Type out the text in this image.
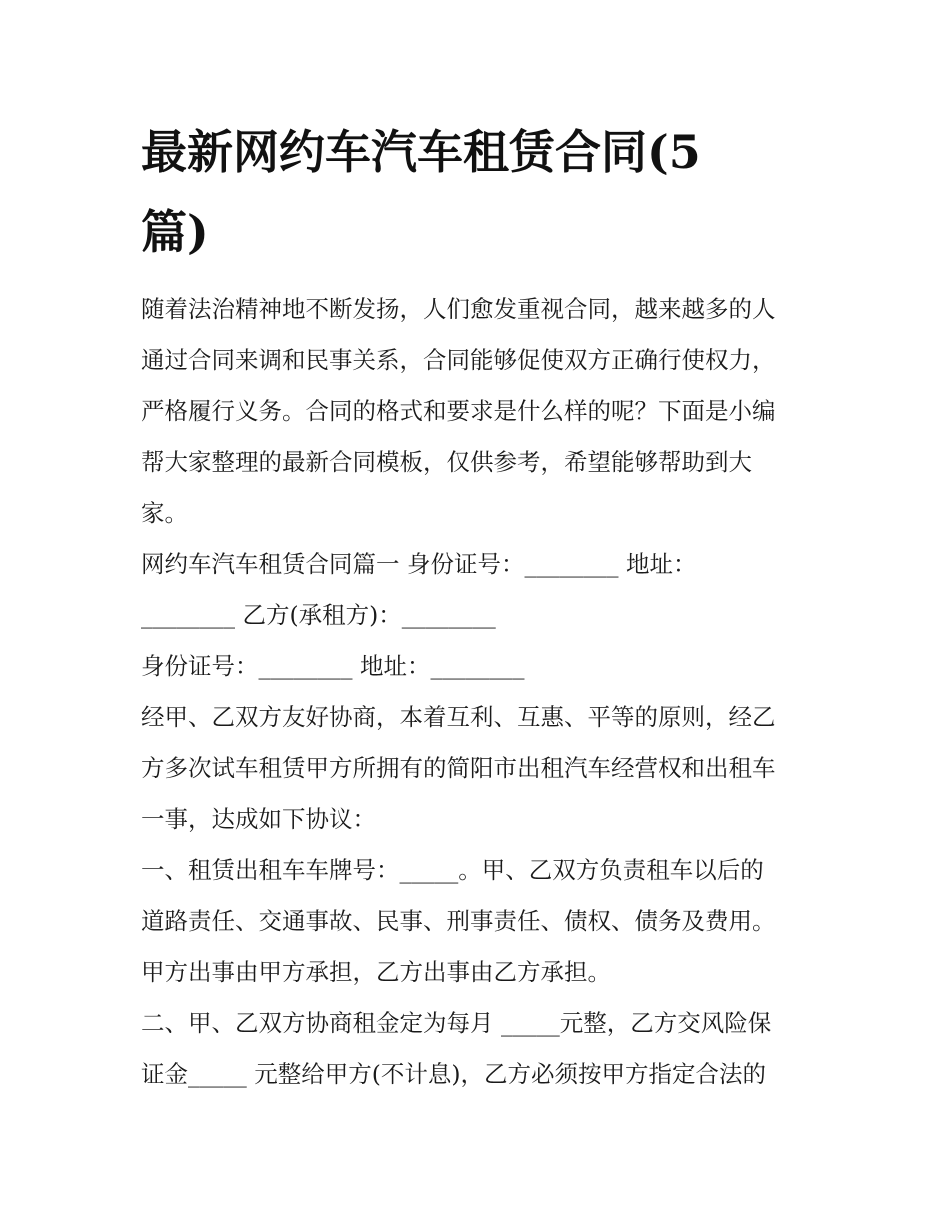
最新网约车汽车租赁合同(5
篇)

随着法治精神地不断发扬，人们愈发重视合同，越来越多的人
通过合同来调和民事关系，合同能够促使双方正确行使权力，
严格履行义务。合同的格式和要求是什么样的呢？下面是小编
帮大家整理的最新合同模板，仅供参考，希望能够帮助到大
家。

网约车汽车租赁合同篇一 身份证号：________ 地址：
________ 乙方(承租方)：________

身份证号：________ 地址：________

经甲、乙双方友好协商，本着互利、互惠、平等的原则，经乙
方多次试车租赁甲方所拥有的简阳市出租汽车经营权和出租车
一事，达成如下协议：

一、租赁出租车车牌号：_____。甲、乙双方负责租车以后的
道路责任、交通事故、民事、刑事责任、债权、债务及费用。
甲方出事由甲方承担，乙方出事由乙方承担。

二、甲、乙双方协商租金定为每月 _____元整，乙方交风险保
证金_____ 元整给甲方(不计息)，乙方必须按甲方指定合法的
